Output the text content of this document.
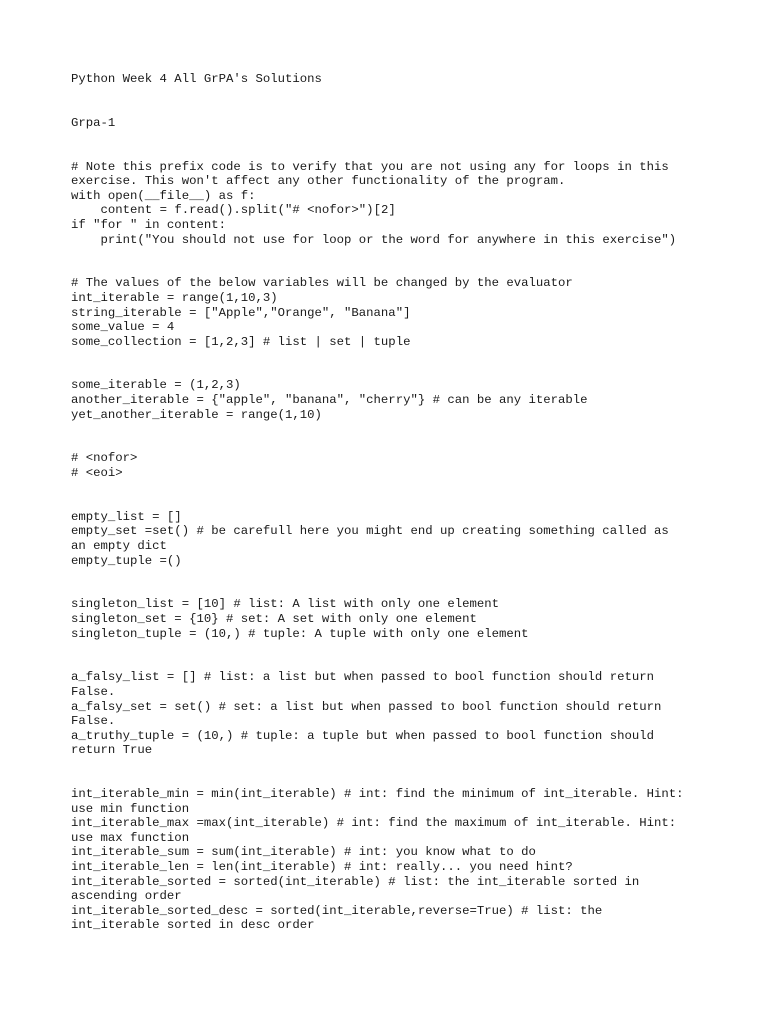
Python Week 4 All GrPA's Solutions
Grpa-1
# Note this prefix code is to verify that you are not using any for loops in this
exercise. This won't affect any other functionality of the program.
with open(__file__) as f:
content = f.read().split("# <nofor>")[2]
if "for " in content:
print("You should not use for loop or the word for anywhere in this exercise")
# The values of the below variables will be changed by the evaluator
int_iterable = range(1,10,3)
string_iterable = ["Apple","Orange", "Banana"]
some_value = 4
some_collection = [1,2,3] # list | set | tuple
some_iterable = (1,2,3)
another_iterable = {"apple", "banana", "cherry"} # can be any iterable
yet_another_iterable = range(1,10)
# <nofor>
# <eoi>
empty_list = []
empty_set =set() # be carefull here you might end up creating something called as
an empty dict
empty_tuple =()
singleton_list = [10] # list: A list with only one element
singleton_set = {10} # set: A set with only one element
singleton_tuple = (10,) # tuple: A tuple with only one element
a_falsy_list = [] # list: a list but when passed to bool function should return
False.
a_falsy_set = set() # set: a list but when passed to bool function should return
False.
a_truthy_tuple = (10,) # tuple: a tuple but when passed to bool function should
return True
int_iterable_min = min(int_iterable) # int: find the minimum of int_iterable. Hint:
use min function
int_iterable_max =max(int_iterable) # int: find the maximum of int_iterable. Hint:
use max function
int_iterable_sum = sum(int_iterable) # int: you know what to do
int_iterable_len = len(int_iterable) # int: really... you need hint?
int_iterable_sorted = sorted(int_iterable) # list: the int_iterable sorted in
ascending order
int_iterable_sorted_desc = sorted(int_iterable,reverse=True) # list: the
int_iterable sorted in desc order
